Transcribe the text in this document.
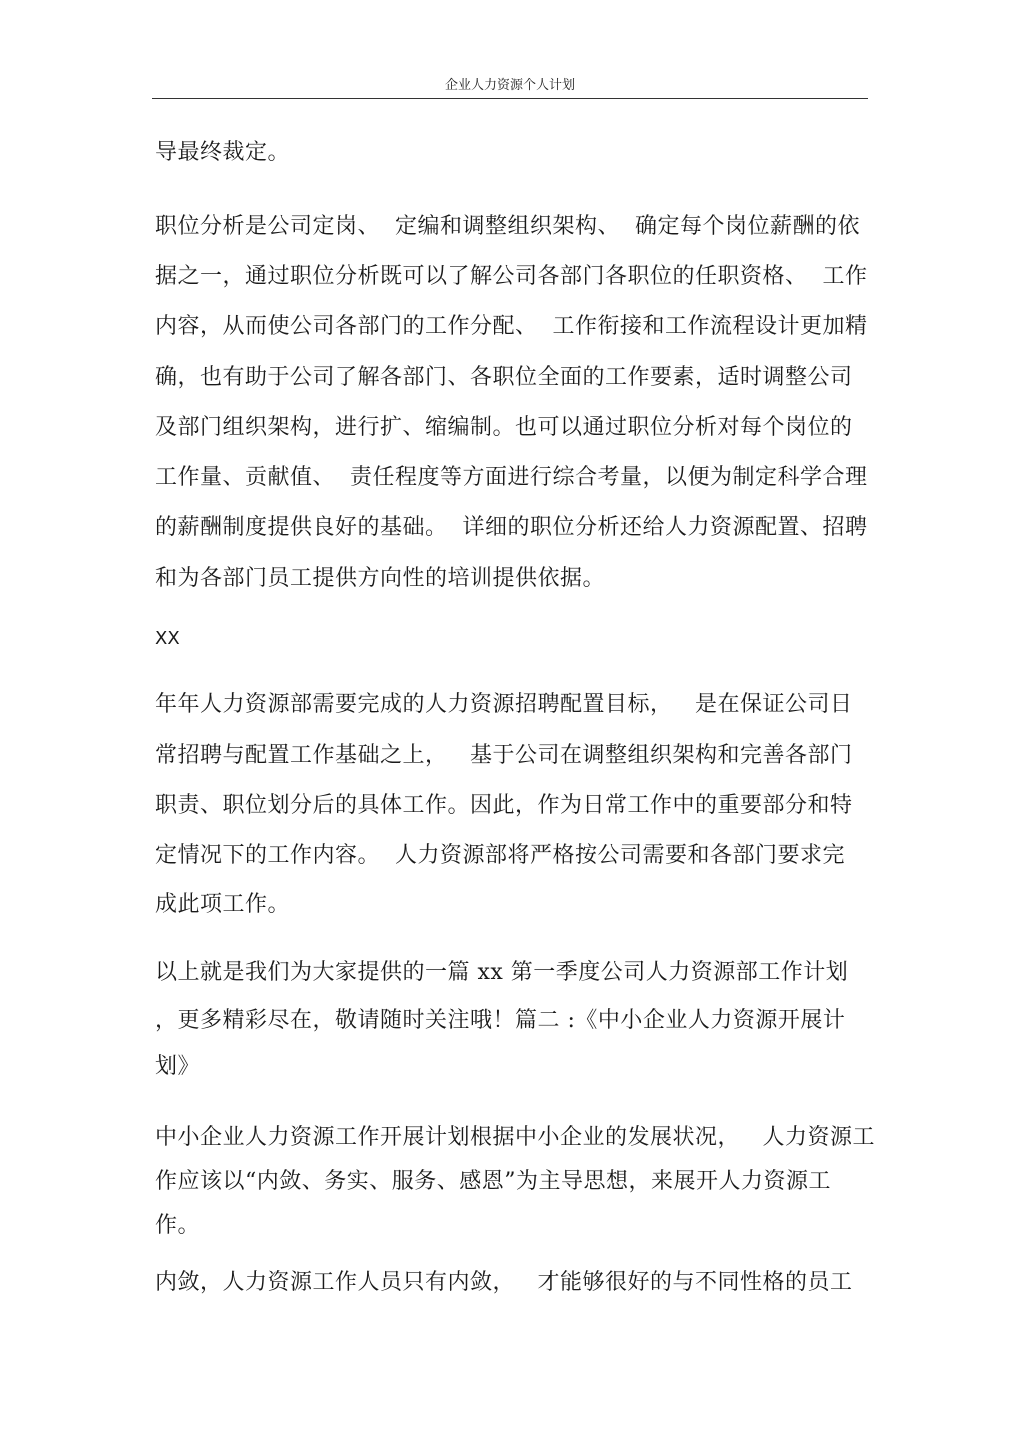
企业人力资源个人计划
导最终裁定。
职位分析是公司定岗、  定编和调整组织架构、  确定每个岗位薪酬的依
据之一，通过职位分析既可以了解公司各部门各职位的任职资格、  工作
内容，从而使公司各部门的工作分配、  工作衔接和工作流程设计更加精
确，也有助于公司了解各部门、各职位全面的工作要素，适时调整公司
及部门组织架构，进行扩、缩编制。也可以通过职位分析对每个岗位的
工作量、贡献值、  责任程度等方面进行综合考量，以便为制定科学合理
的薪酬制度提供良好的基础。  详细的职位分析还给人力资源配置、招聘
和为各部门员工提供方向性的培训提供依据。
XX
年年人力资源部需要完成的人力资源招聘配置目标，   是在保证公司日
常招聘与配置工作基础之上，   基于公司在调整组织架构和完善各部门
职责、职位划分后的具体工作。因此，作为日常工作中的重要部分和特
定情况下的工作内容。  人力资源部将严格按公司需要和各部门要求完
成此项工作。
以上就是我们为大家提供的一篇 xx 第一季度公司人力资源部工作计划
，更多精彩尽在，敬请随时关注哦！篇二 :《中小企业人力资源开展计
划》
中小企业人力资源工作开展计划根据中小企业的发展状况，   人力资源工
作应该以“内敛、务实、服务、感恩”为主导思想，来展开人力资源工
作。
内敛，人力资源工作人员只有内敛，   才能够很好的与不同性格的员工
